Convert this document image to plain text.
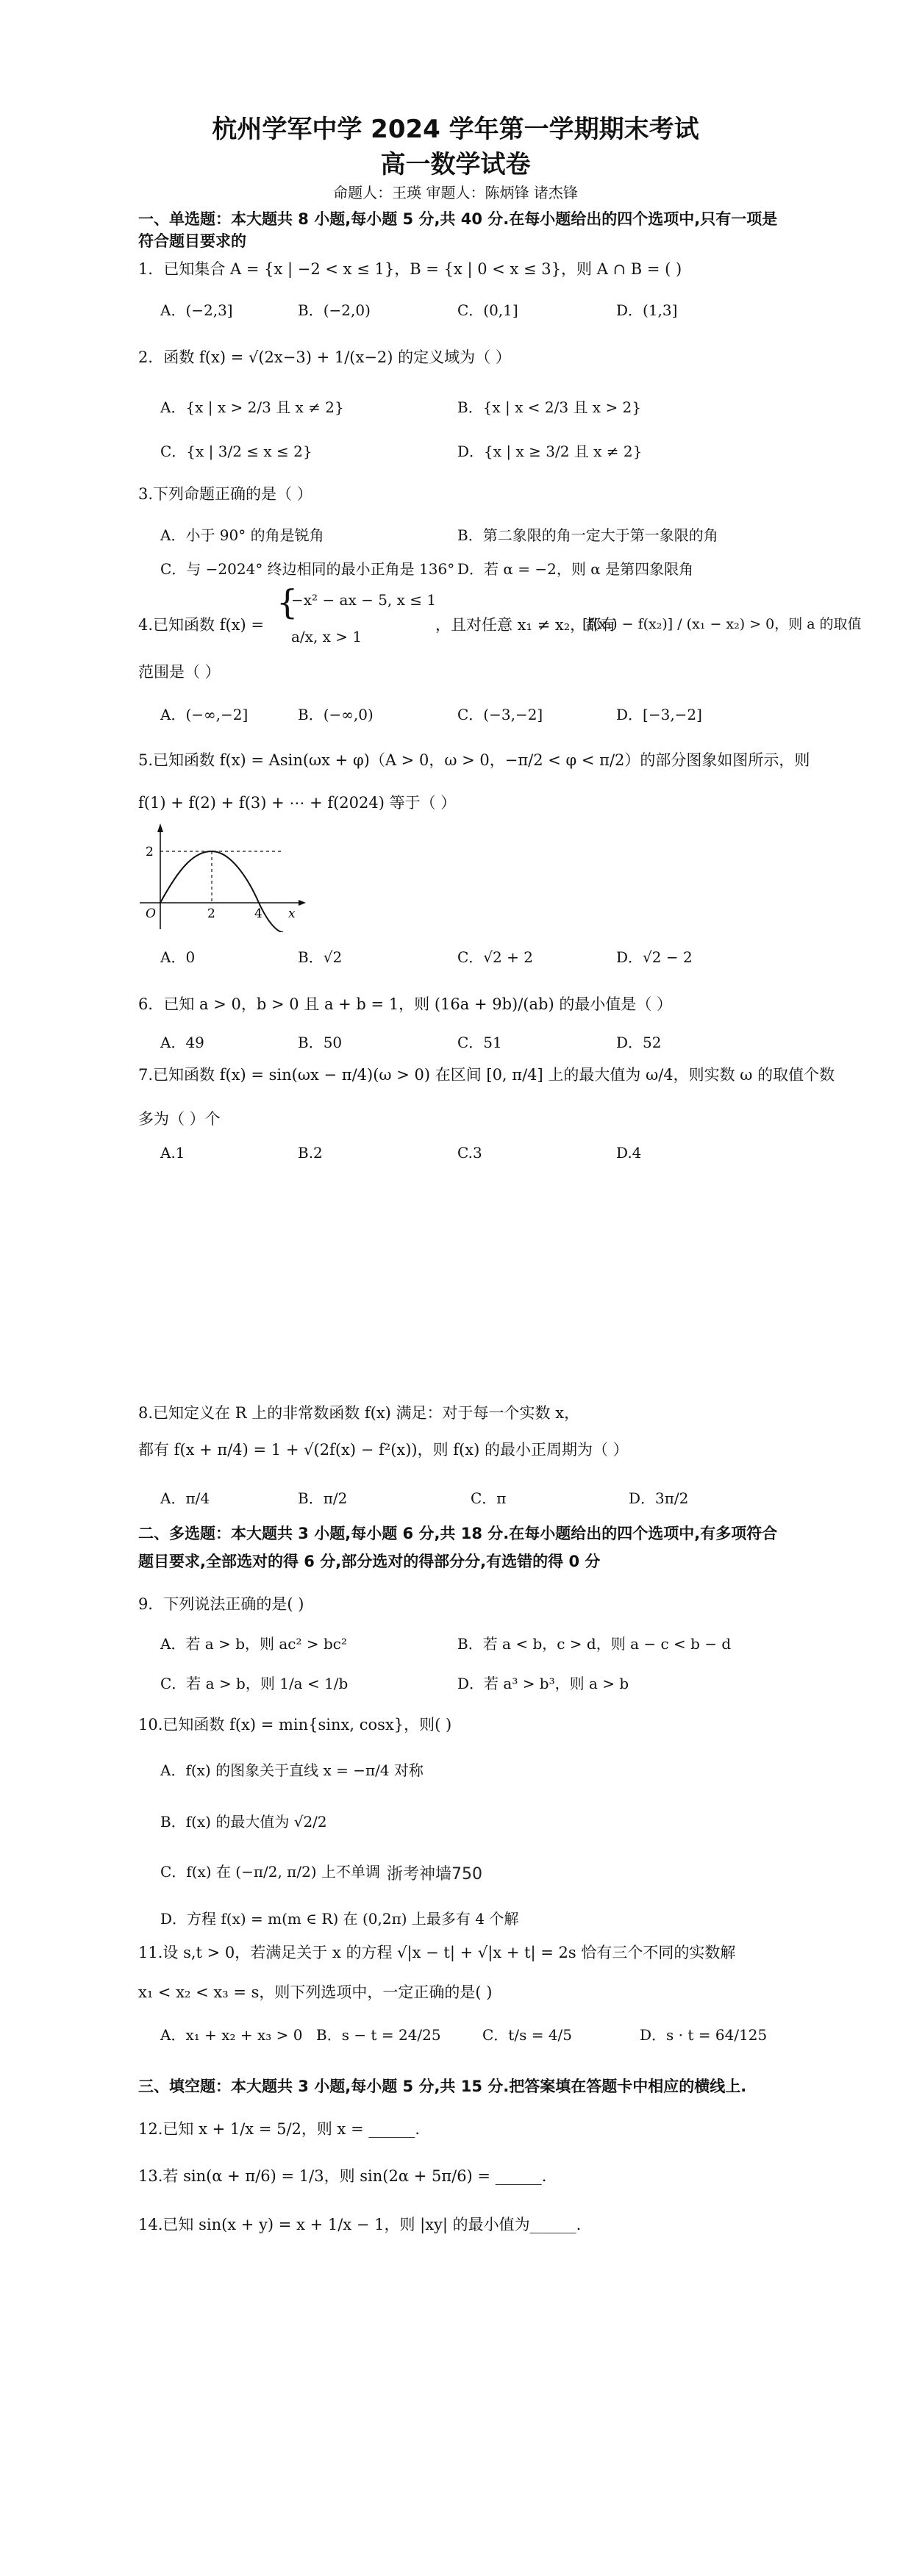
杭州学军中学 2024 学年第一学期期末考试
高一数学试卷
命题人：王瑛 审题人：陈炳锋 诸杰锋
一、单选题：本大题共 8 小题,每小题 5 分,共 40 分.在每小题给出的四个选项中,只有一项是
符合题目要求的
1．已知集合 A = {x | −2 < x ≤ 1}，B = {x | 0 < x ≤ 3}，则 A ∩ B = ( )
A．(−2,3]	B．(−2,0)	C．(0,1]	D．(1,3]
2．函数 f(x) = √(2x−3) + 1/(x−2) 的定义域为（ ）
A．{x | x > 2/3 且 x ≠ 2}	B．{x | x < 2/3 且 x > 2}
C．{x | 3/2 ≤ x ≤ 2}	D．{x | x ≥ 3/2 且 x ≠ 2}
3.下列命题正确的是（ ）
A．小于 90° 的角是锐角	B．第二象限的角一定大于第一象限的角
C．与 −2024° 终边相同的最小正角是 136° D．若 α = −2，则 α 是第四象限角
4.已知函数 f(x) =
{
−x² − ax − 5, x ≤ 1
a/x, x > 1
，且对任意 x₁ ≠ x₂，都有
[f(x₁) − f(x₂)] / (x₁ − x₂) > 0，则 a 的取值
范围是（ ）
A．(−∞,−2]	B．(−∞,0)	C．(−3,−2]	D．[−3,−2]
5.已知函数 f(x) = Asin(ωx + φ)（A > 0，ω > 0，−π/2 < φ < π/2）的部分图象如图所示，则
f(1) + f(2) + f(3) + ⋯ + f(2024) 等于（ ）
2
O	2	4 x
A．0	B．√2	C．√2 + 2	D．√2 − 2
6．已知 a > 0，b > 0 且 a + b = 1，则 (16a + 9b)/(ab) 的最小值是（ ）
A．49	B．50	C．51	D．52
7.已知函数 f(x) = sin(ωx − π/4)(ω > 0) 在区间 [0, π/4] 上的最大值为 ω/4，则实数 ω 的取值个数
多为（ ）个
A.1	B.2	C.3	D.4
8.已知定义在 R 上的非常数函数 f(x) 满足：对于每一个实数 x，
都有 f(x + π/4) = 1 + √(2f(x) − f²(x))，则 f(x) 的最小正周期为（ ）
A．π/4	B．π/2	C．π	D．3π/2
二、多选题：本大题共 3 小题,每小题 6 分,共 18 分.在每小题给出的四个选项中,有多项符合
题目要求,全部选对的得 6 分,部分选对的得部分分,有选错的得 0 分
9．下列说法正确的是( )
A．若 a > b，则 ac² > bc²	B．若 a < b，c > d，则 a − c < b − d
C．若 a > b，则 1/a < 1/b	D．若 a³ > b³，则 a > b
10.已知函数 f(x) = min{sinx, cosx}，则( )
A．f(x) 的图象关于直线 x = −π/4 对称
B．f(x) 的最大值为 √2/2
C．f(x) 在 (−π/2, π/2) 上不单调 浙考神墙750
D．方程 f(x) = m(m ∈ R) 在 (0,2π) 上最多有 4 个解
11.设 s,t > 0，若满足关于 x 的方程 √|x − t| + √|x + t| = 2s 恰有三个不同的实数解
x₁ < x₂ < x₃ = s，则下列选项中，一定正确的是( )
A．x₁ + x₂ + x₃ > 0 B．s − t = 24/25	C．t/s = 4/5	D．s · t = 64/125
三、填空题：本大题共 3 小题,每小题 5 分,共 15 分.把答案填在答题卡中相应的横线上.
12.已知 x + 1/x = 5/2，则 x = ______.
13.若 sin(α + π/6) = 1/3，则 sin(2α + 5π/6) = ______.
14.已知 sin(x + y) = x + 1/x − 1，则 |xy| 的最小值为______.
